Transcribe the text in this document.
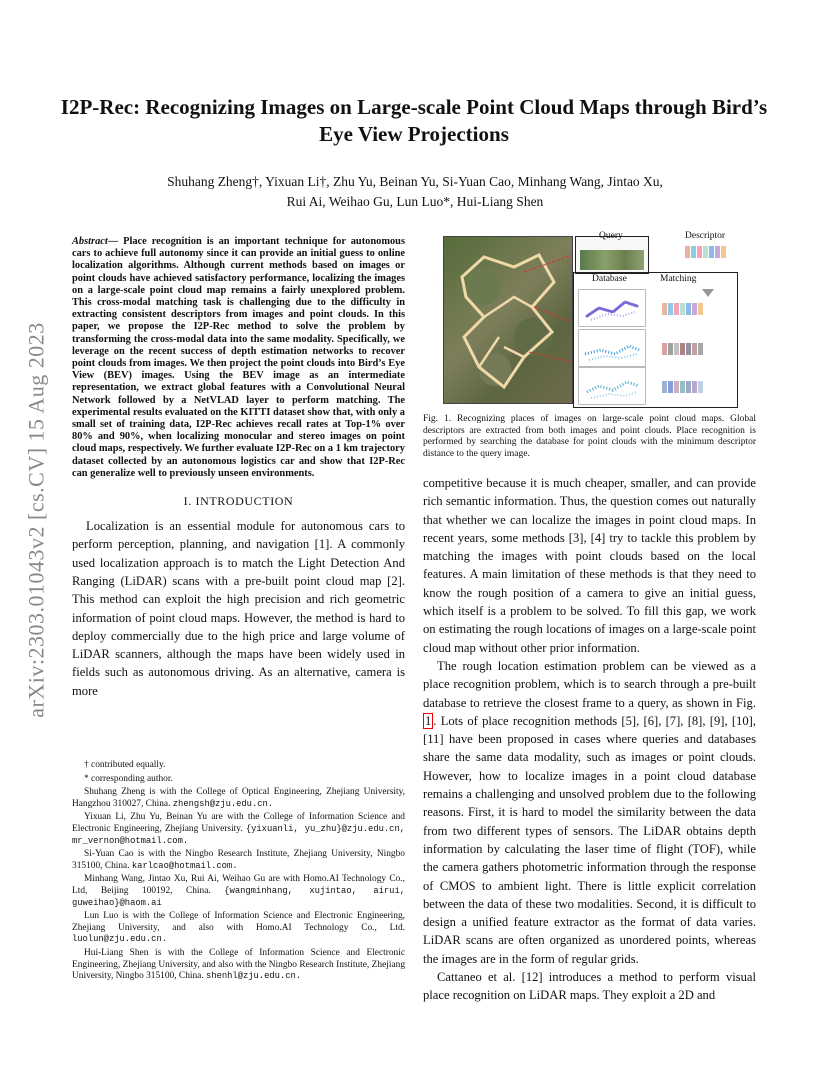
arXiv:2303.01043v2 [cs.CV] 15 Aug 2023
I2P-Rec: Recognizing Images on Large-scale Point Cloud Maps through Bird’s Eye View Projections
Shuhang Zheng†, Yixuan Li†, Zhu Yu, Beinan Yu, Si-Yuan Cao, Minhang Wang, Jintao Xu,
Rui Ai, Weihao Gu, Lun Luo*, Hui-Liang Shen

Abstract— Place recognition is an important technique for autonomous cars to achieve full autonomy since it can provide an initial guess to online localization algorithms. Although current methods based on images or point clouds have achieved satisfactory performance, localizing the images on a large-scale point cloud map remains a fairly unexplored problem. This cross-modal matching task is challenging due to the difficulty in extracting consistent descriptors from images and point clouds. In this paper, we propose the I2P-Rec method to solve the problem by transforming the cross-modal data into the same modality. Specifically, we leverage on the recent success of depth estimation networks to recover point clouds from images. We then project the point clouds into Bird’s Eye View (BEV) images. Using the BEV image as an intermediate representation, we extract global features with a Convolutional Neural Network followed by a NetVLAD layer to perform matching. The experimental results evaluated on the KITTI dataset show that, with only a small set of training data, I2P-Rec achieves recall rates at Top-1% over 80% and 90%, when localizing monocular and stereo images on point cloud maps, respectively. We further evaluate I2P-Rec on a 1 km trajectory dataset collected by an autonomous logistics car and show that I2P-Rec can generalize well to previously unseen environments.

I. INTRODUCTION

Localization is an essential module for autonomous cars to perform perception, planning, and navigation [1]. A commonly used localization approach is to match the Light Detection And Ranging (LiDAR) scans with a pre-built point cloud map [2]. This method can exploit the high precision and rich geometric information of point cloud maps. However, the method is hard to deploy commercially due to the high price and large volume of LiDAR scanners, although the maps have been widely used in fields such as autonomous driving. As an alternative, camera is more

† contributed equally.

* corresponding author.

Shuhang Zheng is with the College of Optical Engineering, Zhejiang University, Hangzhou 310027, China. zhengsh@zju.edu.cn.

Yixuan Li, Zhu Yu, Beinan Yu are with the College of Information Science and Electronic Engineering, Zhejiang University. {yixuanli, yu_zhu}@zju.edu.cn, mr_vernon@hotmail.com.

Si-Yuan Cao is with the Ningbo Research Institute, Zhejiang University, Ningbo 315100, China. karlcao@hotmail.com.

Minhang Wang, Jintao Xu, Rui Ai, Weihao Gu are with Homo.AI Technology Co., Ltd, Beijing 100192, China. {wangminhang, xujintao, airui, guweihao}@haom.ai

Lun Luo is with the College of Information Science and Electronic Engineering, Zhejiang University, and also with Homo.AI Technology Co., Ltd. luolun@zju.edu.cn.

Hui-Liang Shen is with the College of Information Science and Electronic Engineering, Zhejiang University, and also with the Ningbo Research Institute, Zhejiang University, Ningbo 315100, China. shenhl@zju.edu.cn.

Query	Descriptor
Database	Matching

Fig. 1. Recognizing places of images on large-scale point cloud maps. Global descriptors are extracted from both images and point clouds. Place recognition is performed by searching the database for point clouds with the minimum descriptor distance to the query image.

competitive because it is much cheaper, smaller, and can provide rich semantic information. Thus, the question comes out naturally that whether we can localize the images in point cloud maps. In recent years, some methods [3], [4] try to tackle this problem by matching the images with point clouds based on the local features. A main limitation of these methods is that they need to know the rough position of a camera to give an initial guess, which itself is a problem to be solved. To fill this gap, we work on estimating the rough locations of images on a large-scale point cloud map without other prior information.

The rough location estimation problem can be viewed as a place recognition problem, which is to search through a pre-built database to retrieve the closest frame to a query, as shown in Fig. 1 . Lots of place recognition methods [5], [6], [7], [8], [9], [10], [11] have been proposed in cases where queries and databases share the same data modality, such as images or point clouds. However, how to localize images in a point cloud database remains a challenging and unsolved problem due to the following reasons. First, it is hard to model the similarity between the data from two different types of sensors. The LiDAR obtains depth information by calculating the laser time of flight (TOF), while the camera gathers photometric information through the response of CMOS to ambient light. There is little explicit correlation between the data of these two modalities. Second, it is difficult to design a unified feature extractor as the format of data varies. LiDAR scans are often organized as unordered points, whereas the images are in the form of regular grids.

Cattaneo et al. [12] introduces a method to perform visual place recognition on LiDAR maps. They exploit a 2D and
